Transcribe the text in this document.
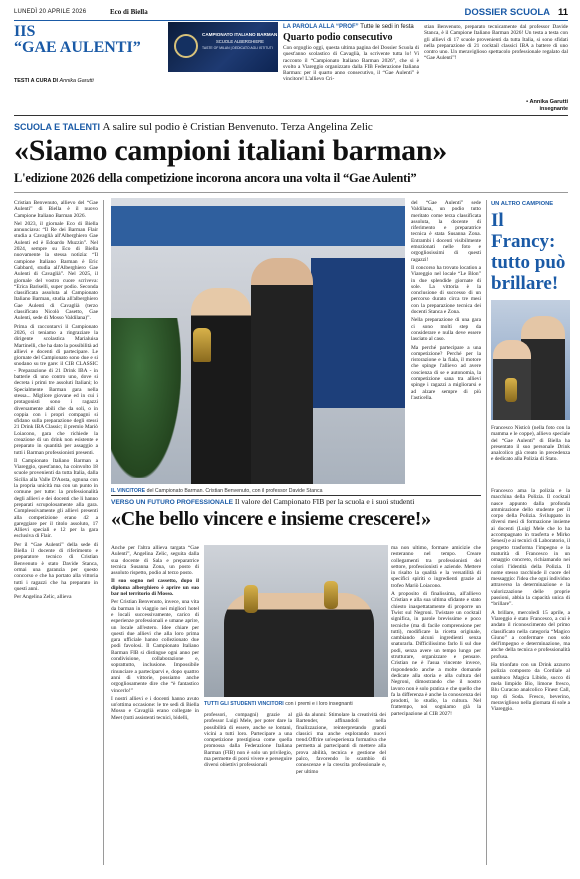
LUNEDÌ 20 APRILE 2026	Eco di Biella	DOSSIER SCUOLA 11
CAMPIONATO ITALIANO BARMAN
SCUOLE ALBERGHIERE
TASTE OF MILAN | DEDICATO AGLI ISTITUTI
IIS
“GAE AULENTI”
TESTI A CURA DI Annika Garutti
LA PAROLA ALLA “PROF” Tutte le sedi in festa
Quarto podio consecutivo
Con orgoglio oggi, questa ultima pagina del Dossier Scuola di quest'anno scolastico di Cavaglià, la scrivente tutta lo! Vi racconto il “Campionato Italiano Barman 2026”, che si è svolto a Viareggio organizzato dalla FIB Federazione Italiana Barman: per il quarto anno consecutivo, il “Gae Aulenti” è vincitore! L'allievo Cri-
stian Benvenuto, preparato tecnicamente dal professor Davide Stanca, è il Campione Italiano Barman 2026! Un testa a testa con gli allievi di 17 scuole provenienti da tutta Italia, si sono sfidati nella preparazione di 21 cocktail classici IBA a battere di uno contro uno. Un meraviglioso spettacolo professionale regalato dal “Gae Aulenti”!
• Annika Garutti
insegnante
SCUOLA E TALENTI A salire sul podio è Cristian Benvenuto. Terza Angelina Zelic
«Siamo campioni italiani barman»
L'edizione 2026 della competizione incorona ancora una volta il “Gae Aulenti”

Cristian Benvenuto, allievo del “Gae Aulenti” di Biella è il nuovo Campione Italiano Barman 2026.

Nel 2023, il giornale Eco di Biella annunciava: “Il Re dei Barman Flair studia a Cavaglià all'Alberghiero Gae Aulenti ed è Edoardo Muzzin”. Nel 2024, sempre su Eco di Biella nuovamente la stessa notizia: “Il campione Italiano Barman è Eric Gabbard, studia all'Alberghiero Gae Aulenti di Cavaglià”. Nel 2025, il giornale del vostro cuore scriveva: “Erica Bariselli, super podio. Seconda classificata assoluta al Campionato Italiano Barman, studia all'alberghiero Gae Aulenti di Cavaglià (terzo classificato Nicolò Casetto, Gae Aulenti, sede di Mosso Valdilana)”.

Prima di raccontarvi il Campionato 2026, ci teniamo a ringraziare la dirigente scolastica Marialuisa Martinelli, che ha dato la possibilità ad allievi e docenti di partecipare. Le giornate del Campionato sono due e si snodano su tre gare: il CIB CLASSIC - Preparazione di 21 Drink IBA - in batterie di uno contro uno, dove si decreta i primi tre assoluti Italiani; lo Specialmente Barman gara nella stessa... Migliore giovane ed in cui i protagonisti sono i ragazzi diversamente abili che da soli, o in coppia con i propri compagni si sfidano sulla preparazione degli stessi 21 Drink IBA Classic; il premio Mariò Loiacono, gara che richiede la creazione di un drink non esistente e preparato in quantità per assaggio a tutti i Barman professionisti presenti.

Il Campionato Italiano Barman a Viareggio, quest'anno, ha coinvolto 18 scuole provenienti da tutta Italia, dalla Sicilia alla Valle D'Aosta, ognuna con la propria unicità ma con un punto in comune per tutte: la professionalità degli allievi e dei docenti che li hanno preparati scrupolosamente alla gara. Complessivamente gli allievi presenti alla competizione erano 42 a gareggiare per il titolo assoluto, 17 Allievi speciali e 12 per la gara esclusiva di Flair.

Per il “Gae Aulenti” della sede di Biella il docente di riferimento e preparatore tecnico di Cristian Benvenuto è stato Davide Stanca, ormai una garanzia per questo concorso e che ha portato alla vittoria tutti i ragazzi che ha preparato in questi anni.

Per Angelina Zelic, allieva

IL VINCITORE del Campionato Barman. Cristian Benvenuto, con il professor Davide Stanca

del “Gae Aulenti” sede Valdilana, un podio tutto meritato come terza classificata assoluta, la docente di riferimento e preparatrice tecnica è stata Susanna Zona. Entrambi i docenti visibilmente emozionati nelle foto e orgogliosissimi di questi ragazzi!

Il concorso ha trovato location a Viareggio nel locale “Le Blon” in due splendide giornate di sole. La vittoria è la conclusione di successo di un percorso durato circa tre mesi con la preparazione tecnica dei docenti Stanca e Zona.

Nella preparazione di una gara ci sono molti step da considerare e nulla deve essere lasciato al caso.

Ma perché partecipare a una competizione? Perché per la ristorazione e la fiala, il motore che spinge l'allievo ad avere coscienza di se e autonomia, la competizione sana tra allievi spinge i ragazzi a migliorarsi e ad alzare sempre di più l'asticella.

VERSO UN FUTURO PROFESSIONALE Il valore del Campionato FIB per la scuola e i suoi studenti
«Che bello vincere e insieme crescere!»

Anche per l'altra allieva targata “Gae Aulenti”, Angelina Zelic, seguita dalla sua docente di Sala e preparatrice tecnica Susanna Zona, un posto di assoluto rispetto, podio al terzo posto.

Il suo sogno nel cassetto, dopo il diploma alberghiero è aprire un suo bar nel territorio di Mosso.

Per Cristian Benvenuto, invece, una vita da barman in viaggio nei migliori hotel e locali successivamente, carico di esperienze professionali e umane aprire, un locale all'estero. Idee chiare per questi due allievi che alla loro prima gara ufficiale hanno collezionato due podi favolosi. Il Campionato Italiano Barman FIB si distingue ogni anno per condivisione, collaborazione e, soprattutto, inclusione. Impossibile rinunciare a parteciparvi e, dopo quattro anni di vittorie, possiamo anche orgogliosamente dire che “è fantastico vincerlo!”

I nostri allievi e i docenti hanno avuto un'ottima occasione: le tre sedi di Biella Mosso e Cavaglià erano collegate in Meet (tutti assistenti tecnici, bidelli,

TUTTI GLI STUDENTI VINCITORI con i premi e i loro insegnanti

professori, compagni) grazie al professor Luigi Mele, per poter dare la possibilità di essere, anche se lontani, vicini a tutti loro. Partecipare a una competizione prestigiosa come quella promossa dalla Federazione Italiana Barman (FIB) non è solo un privilegio, ma permette di porsi vivere e perseguire diversi obiettivi professionali

già da alunni: Stimolare la creatività dei Bartender, affinandoli nella finalizzazione, reinterpretando grandi classici ma anche esplorando nuovi trend.Offrire un'esperienza formativa che permetta ai partecipanti di mettere alla prova abilità, tecnica e gestione del palco, favorendo lo scambio di conoscenze e la crescita professionale e, per ultimo

ma non ultimo, formare amicizie che resteranno nel tempo. Creare collegamenti tra professionisti del settore, professionisti e aziende. Mettere in risalto la qualità e la versatilità di specifici spiriti o ingredienti grazie al trofeo Mariò Loiacono.

A proposito di finalissima, all'allievo Cristian e alla sua ultima sfidante e stato chiesto inaspettatamente di proporre un Twist sul Negroni. Twistare un cocktail significa, in parole brevissime e poco tecniche (ma di facile comprensione per tutti), modificare la ricetta originale, cambiando alcuni ingredienti senza snaturarla. Difficilissimo farlo li sul due podi, senza avere un tempo lungo per strutturare, organizzare e pensare. Cristian ne è l'asua vincente invece, rispondendo anche a molte domande dedicate alla storia e alla cultura del Negroni, dimostrando che il nostro lavoro non è solo pratica e che quello che fa la differenza è anche la conoscenza dei prodotti, lo studio, la cultura. Nel frattempo, noi sogniamo già la partecipazione al CIB 2027!

UN ALTRO CAMPIONE
Il Francy: tutto può brillare!
Francesco Nisticò (nella foto con la mamma e le coppe), allievo speciale del “Gae Aulenti” di Biella ha presentato il suo personale Drink analcolico già creato in precedenza e dedicato alla Polizia di Stato.

Francesco ama la polizia e la macchina della Polizia. Il cocktail nasce appunto dalla profonda ammirazione dello studente per il corpo della Polizia. Sviluppato in diversi mesi di formazione insieme ai docenti (Luigi Mele che lo ha accompagnato in trasferta e Mirko Senesi) e ai tecnici di Laboratorio, il progetto trasforma l'impegno e la maturità di Francesco in un omaggio concreto, richiamando nei colori l'identità della Polizia. Il nome stesso racchiude il cuore del messaggio: l'idea che ogni individuo attraverso la determinazione e la valorizzazione delle proprie passioni, abbia la capacità unica di “brillare”.

A brillare, mercoledì 15 aprile, a Viareggio è stato Francesco, a cui è andato il riconoscimento del primo classificato nella categoria “Magico Giuno” a confermare non solo dell'impegno e determinazione, ma anche della tecnica e professionalità profusa.

Ha trionfato con un Drink azzurro polizia composto da Cordiale al sambuco Magica Libido, succo di mela limpido Bio, limone fresco, Blu Curacao analcolico Finest Call, top di Soda. Fresco, beverino, meraviglioso nella giornata di sole a Viareggio.
